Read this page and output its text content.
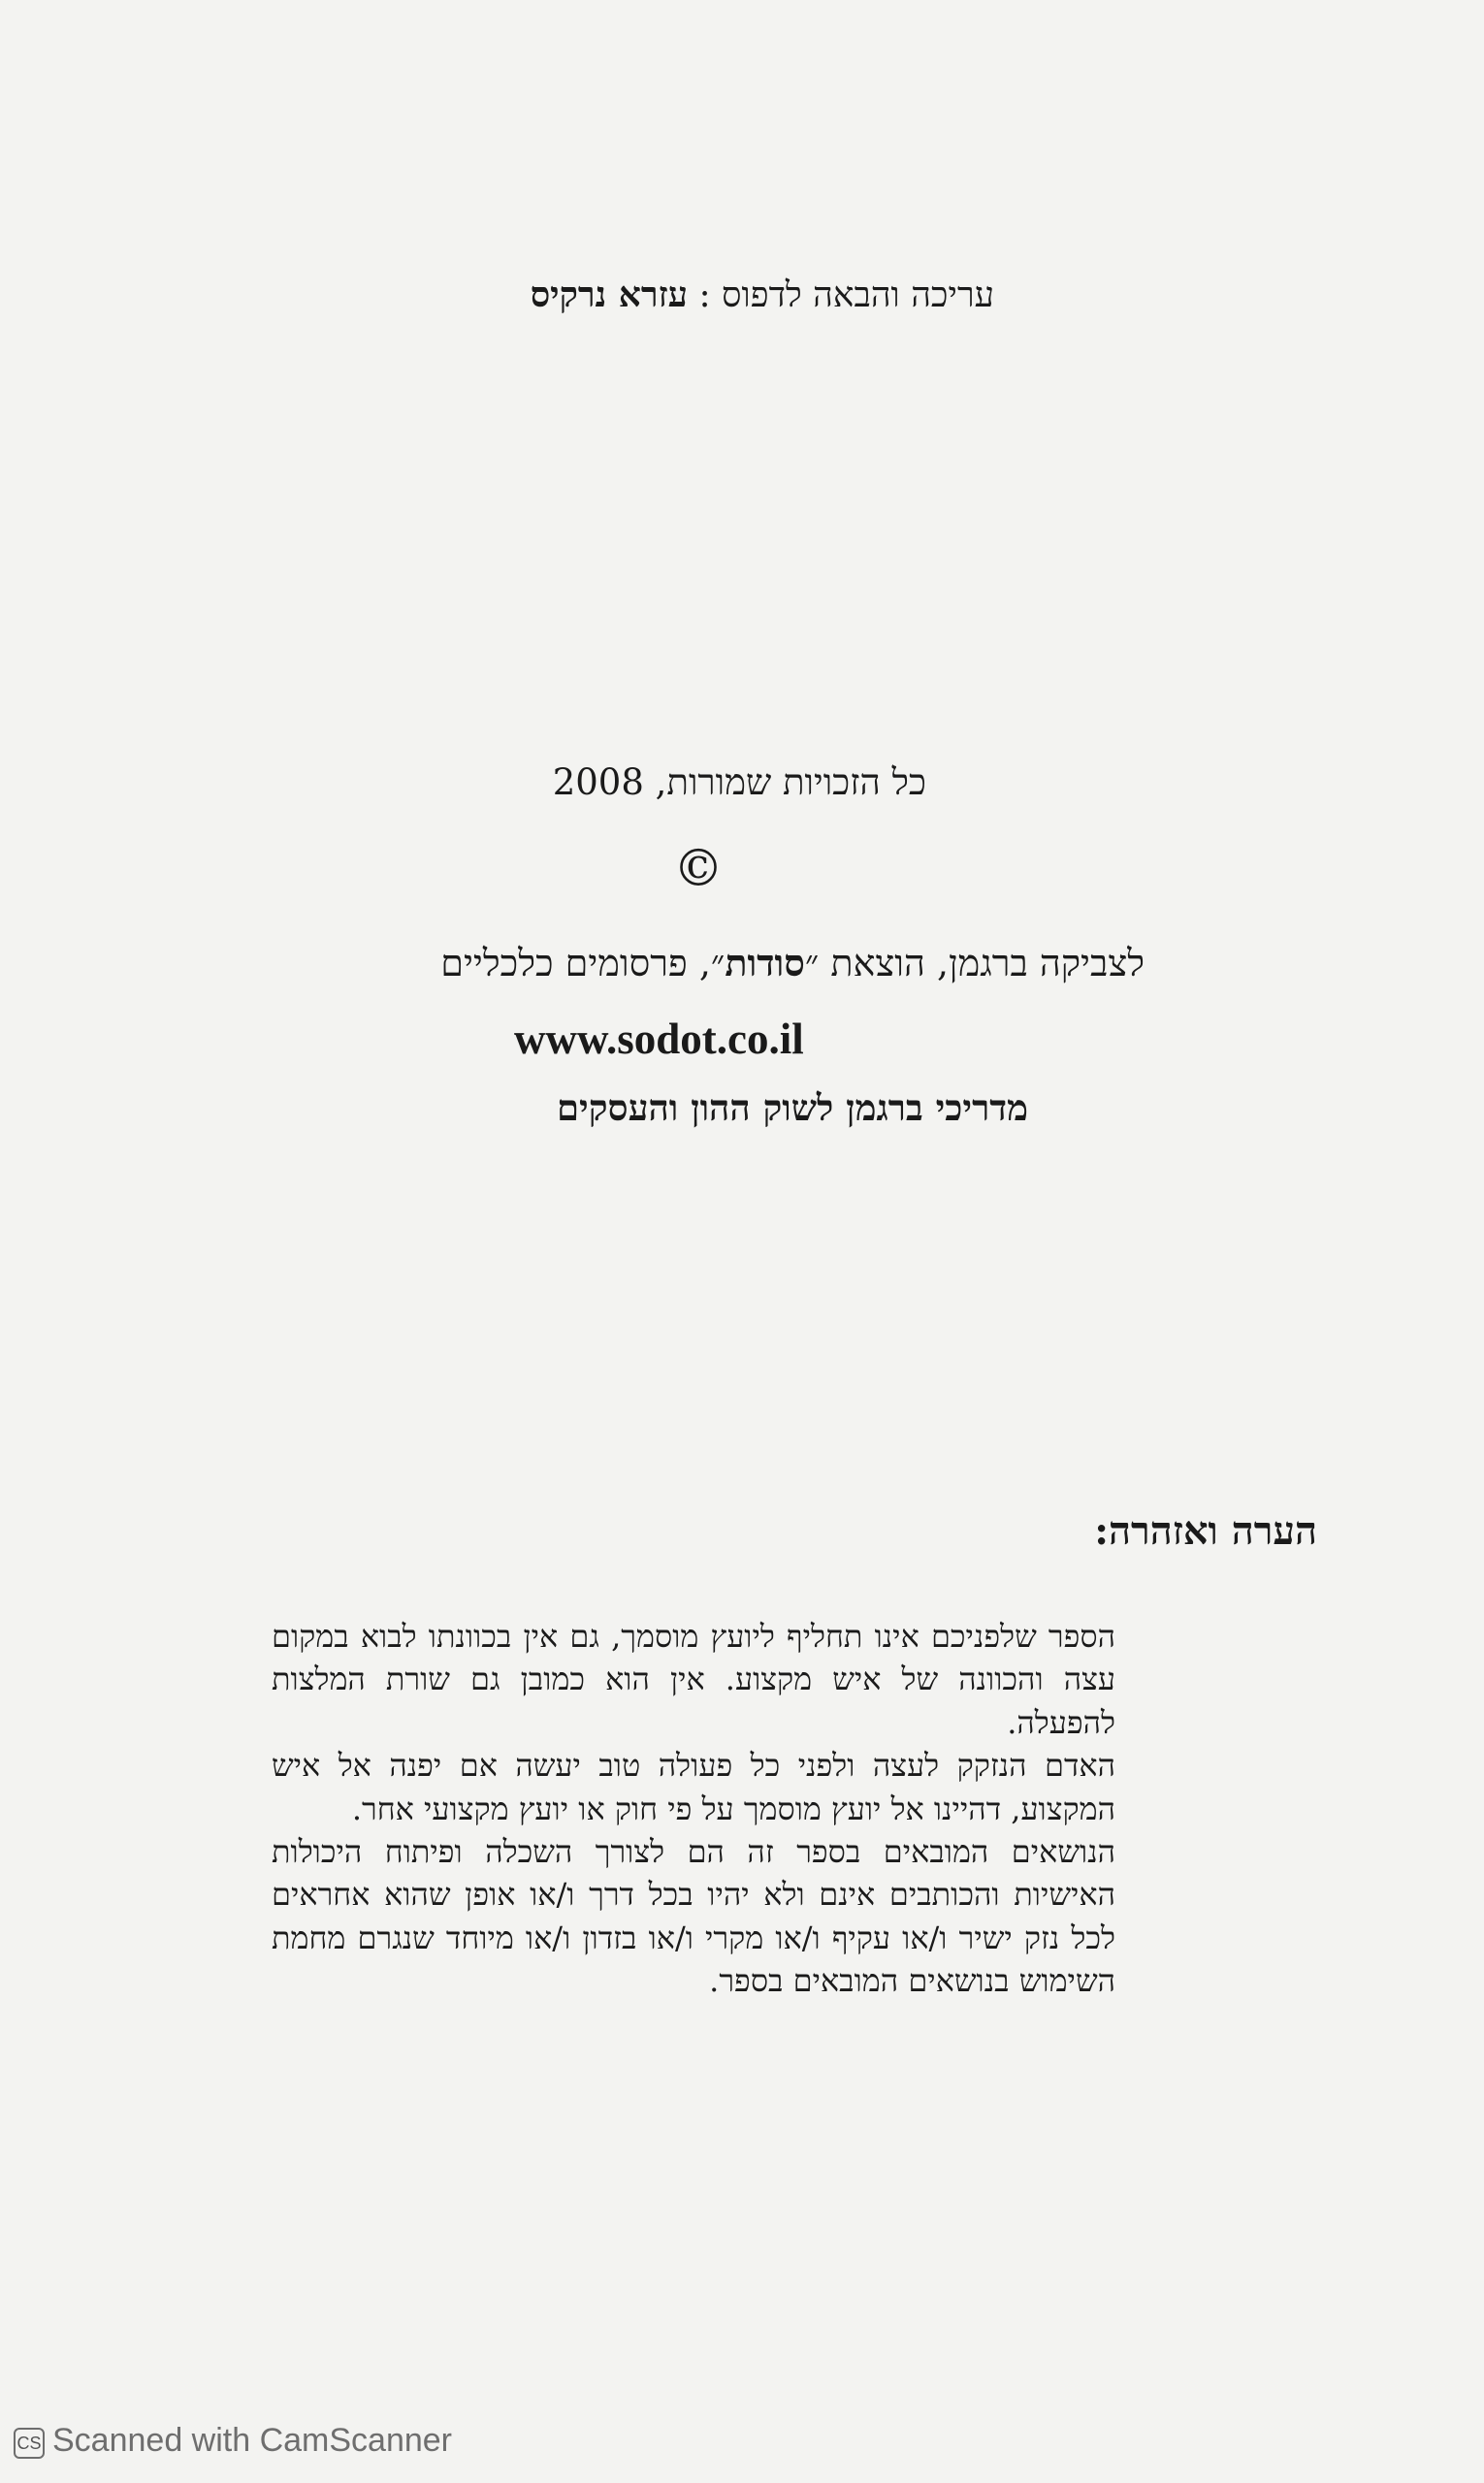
עריכה והבאה לדפוס : עזרא נרקיס
כל הזכויות שמורות, 2008
©
לצביקה ברגמן, הוצאת ״סודות״, פרסומים כלכליים
www.sodot.co.il
מדריכי ברגמן לשוק ההון והעסקים
הערה ואזהרה:

הספר שלפניכם אינו תחליף ליועץ מוסמך, גם אין בכוונתו לבוא במקום עצה והכוונה של איש מקצוע. אין הוא כמובן גם שורת המלצות להפעלה.

האדם הנזקק לעצה ולפני כל פעולה טוב יעשה אם יפנה אל איש המקצוע, דהיינו אל יועץ מוסמך על פי חוק או יועץ מקצועי אחר.

הנושאים המובאים בספר זה הם לצורך השכלה ופיתוח היכולות האישיות והכותבים אינם ולא יהיו בכל דרך ו/או אופן שהוא אחראים לכל נזק ישיר ו/או עקיף ו/או מקרי ו/או בזדון ו/או מיוחד שנגרם מחמת השימוש בנושאים המובאים בספר.

CS Scanned with CamScanner
